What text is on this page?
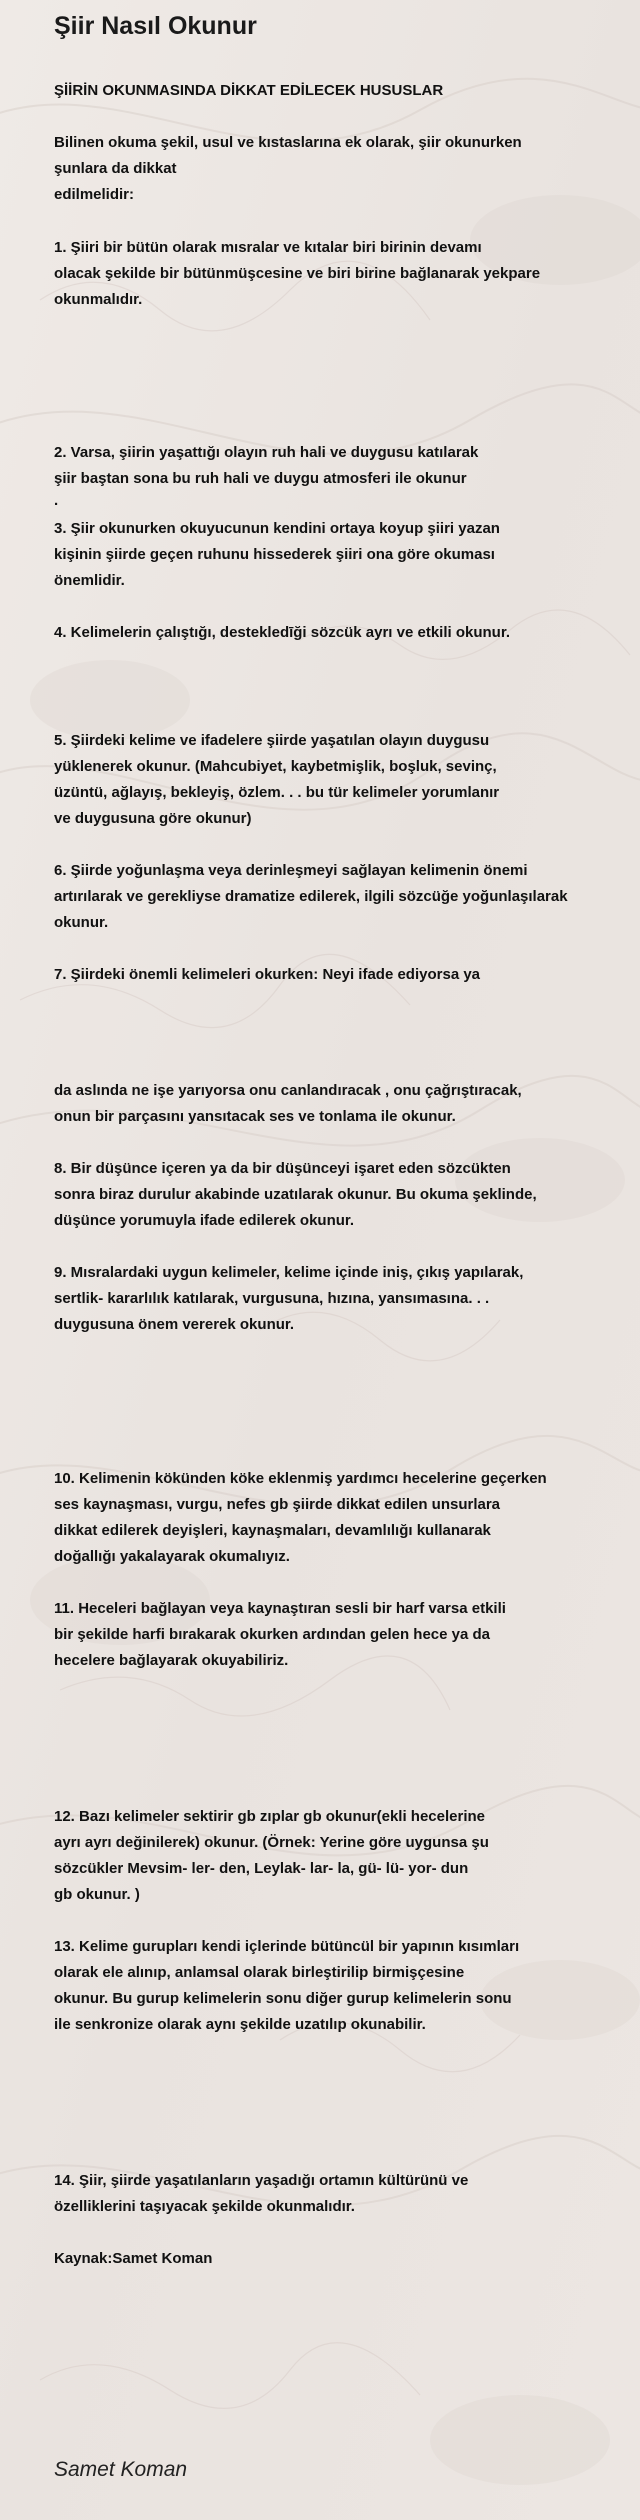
Şiir Nasıl Okunur
ŞİİRİN OKUNMASINDA DİKKAT EDİLECEK HUSUSLAR
Bilinen okuma şekil, usul ve kıstaslarına ek olarak, şiir okunurken
şunlara da dikkat
edilmelidir:
1. Şiiri bir bütün olarak mısralar ve kıtalar biri birinin devamı
olacak şekilde bir bütünmüşcesine ve biri birine bağlanarak yekpare
okunmalıdır.
2. Varsa, şiirin yaşattığı olayın ruh hali ve duygusu katılarak
şiir baştan sona bu ruh hali ve duygu atmosferi ile okunur
.
3. Şiir okunurken okuyucunun kendini ortaya koyup şiiri yazan
kişinin şiirde geçen ruhunu hissederek şiiri ona göre okuması
önemlidir.
4. Kelimelerin çalıştığı, destekledīği sözcük ayrı ve etkili okunur.
5. Şiirdeki kelime ve ifadelere şiirde yaşatılan olayın duygusu
yüklenerek okunur. (Mahcubiyet, kaybetmişlik, boşluk, sevinç,
üzüntü, ağlayış, bekleyiş, özlem. . . bu tür kelimeler yorumlanır
ve duygusuna göre okunur)
6. Şiirde yoğunlaşma veya derinleşmeyi sağlayan kelimenin önemi
artırılarak ve gerekliyse dramatize edilerek, ilgili sözcüğe yoğunlaşılarak
okunur.
7. Şiirdeki önemli kelimeleri okurken: Neyi ifade ediyorsa ya
da aslında ne işe yarıyorsa onu canlandıracak , onu çağrıştıracak,
onun bir parçasını yansıtacak ses ve tonlama ile okunur.
8. Bir düşünce içeren ya da bir düşünceyi işaret eden sözcükten
sonra biraz durulur akabinde uzatılarak okunur. Bu okuma şeklinde,
düşünce yorumuyla ifade edilerek okunur.
9. Mısralardaki uygun kelimeler, kelime içinde iniş, çıkış yapılarak,
sertlik- kararlılık katılarak, vurgusuna, hızına, yansımasına. . .
duygusuna önem vererek okunur.
10. Kelimenin kökünden köke eklenmiş yardımcı hecelerine geçerken
ses kaynaşması, vurgu, nefes gb şiirde dikkat edilen unsurlara
dikkat edilerek deyişleri, kaynaşmaları, devamlılığı kullanarak
doğallığı yakalayarak okumalıyız.
11. Heceleri bağlayan veya kaynaştıran sesli bir harf varsa etkili
bir şekilde harfi bırakarak okurken ardından gelen hece ya da
hecelere bağlayarak okuyabiliriz.
12. Bazı kelimeler sektirir gb zıplar gb okunur(ekli hecelerine
ayrı ayrı değinilerek) okunur. (Örnek: Yerine göre uygunsa şu
sözcükler Mevsim- ler- den, Leylak- lar- la, gü- lü- yor- dun
gb okunur. )
13. Kelime gurupları kendi içlerinde bütüncül bir yapının kısımları
olarak ele alınıp, anlamsal olarak birleştirilip birmişçesine
okunur. Bu gurup kelimelerin sonu diğer gurup kelimelerin sonu
ile senkronize olarak aynı şekilde uzatılıp okunabilir.
14. Şiir, şiirde yaşatılanların yaşadığı ortamın kültürünü ve
özelliklerini taşıyacak şekilde okunmalıdır.
Kaynak:Samet Koman
Samet Koman
